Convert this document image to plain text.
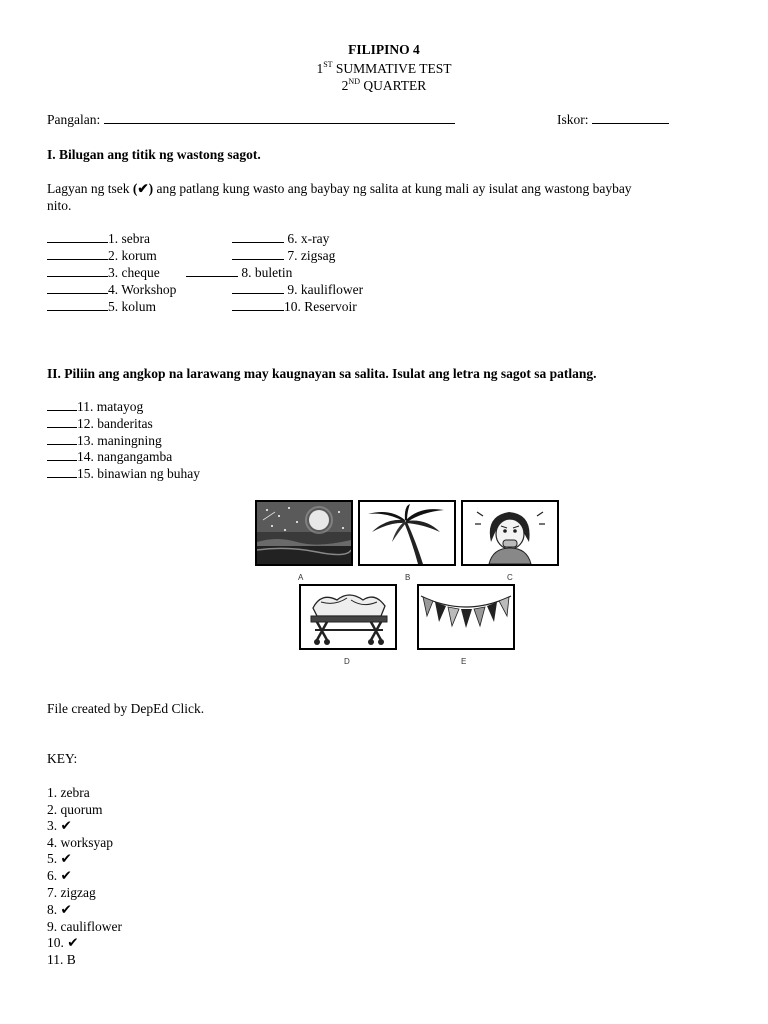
FILIPINO 4
1ST SUMMATIVE TEST
2ND QUARTER
Pangalan:	Iskor:
I. Bilugan ang titik ng wastong sagot.
Lagyan ng tsek (✔) ang patlang kung wasto ang baybay ng salita at kung mali ay isulat ang wastong baybay
nito.
1. sebra
2. korum
3. cheque
4. Workshop
5. kolum
6. x-ray
7. zigsag
8. buletin
9. kauliflower
10. Reservoir
II. Piliin ang angkop na larawang may kaugnayan sa salita. Isulat ang letra ng sagot sa patlang.
11. matayog
12. banderitas
13. maningning
14. nangangamba
15. binawian ng buhay
A	B	C
D	E
File created by DepEd Click.
KEY:
1. zebra
2. quorum
3. ✔
4. worksyap
5. ✔
6. ✔
7. zigzag
8. ✔
9. cauliflower
10. ✔
11. B
